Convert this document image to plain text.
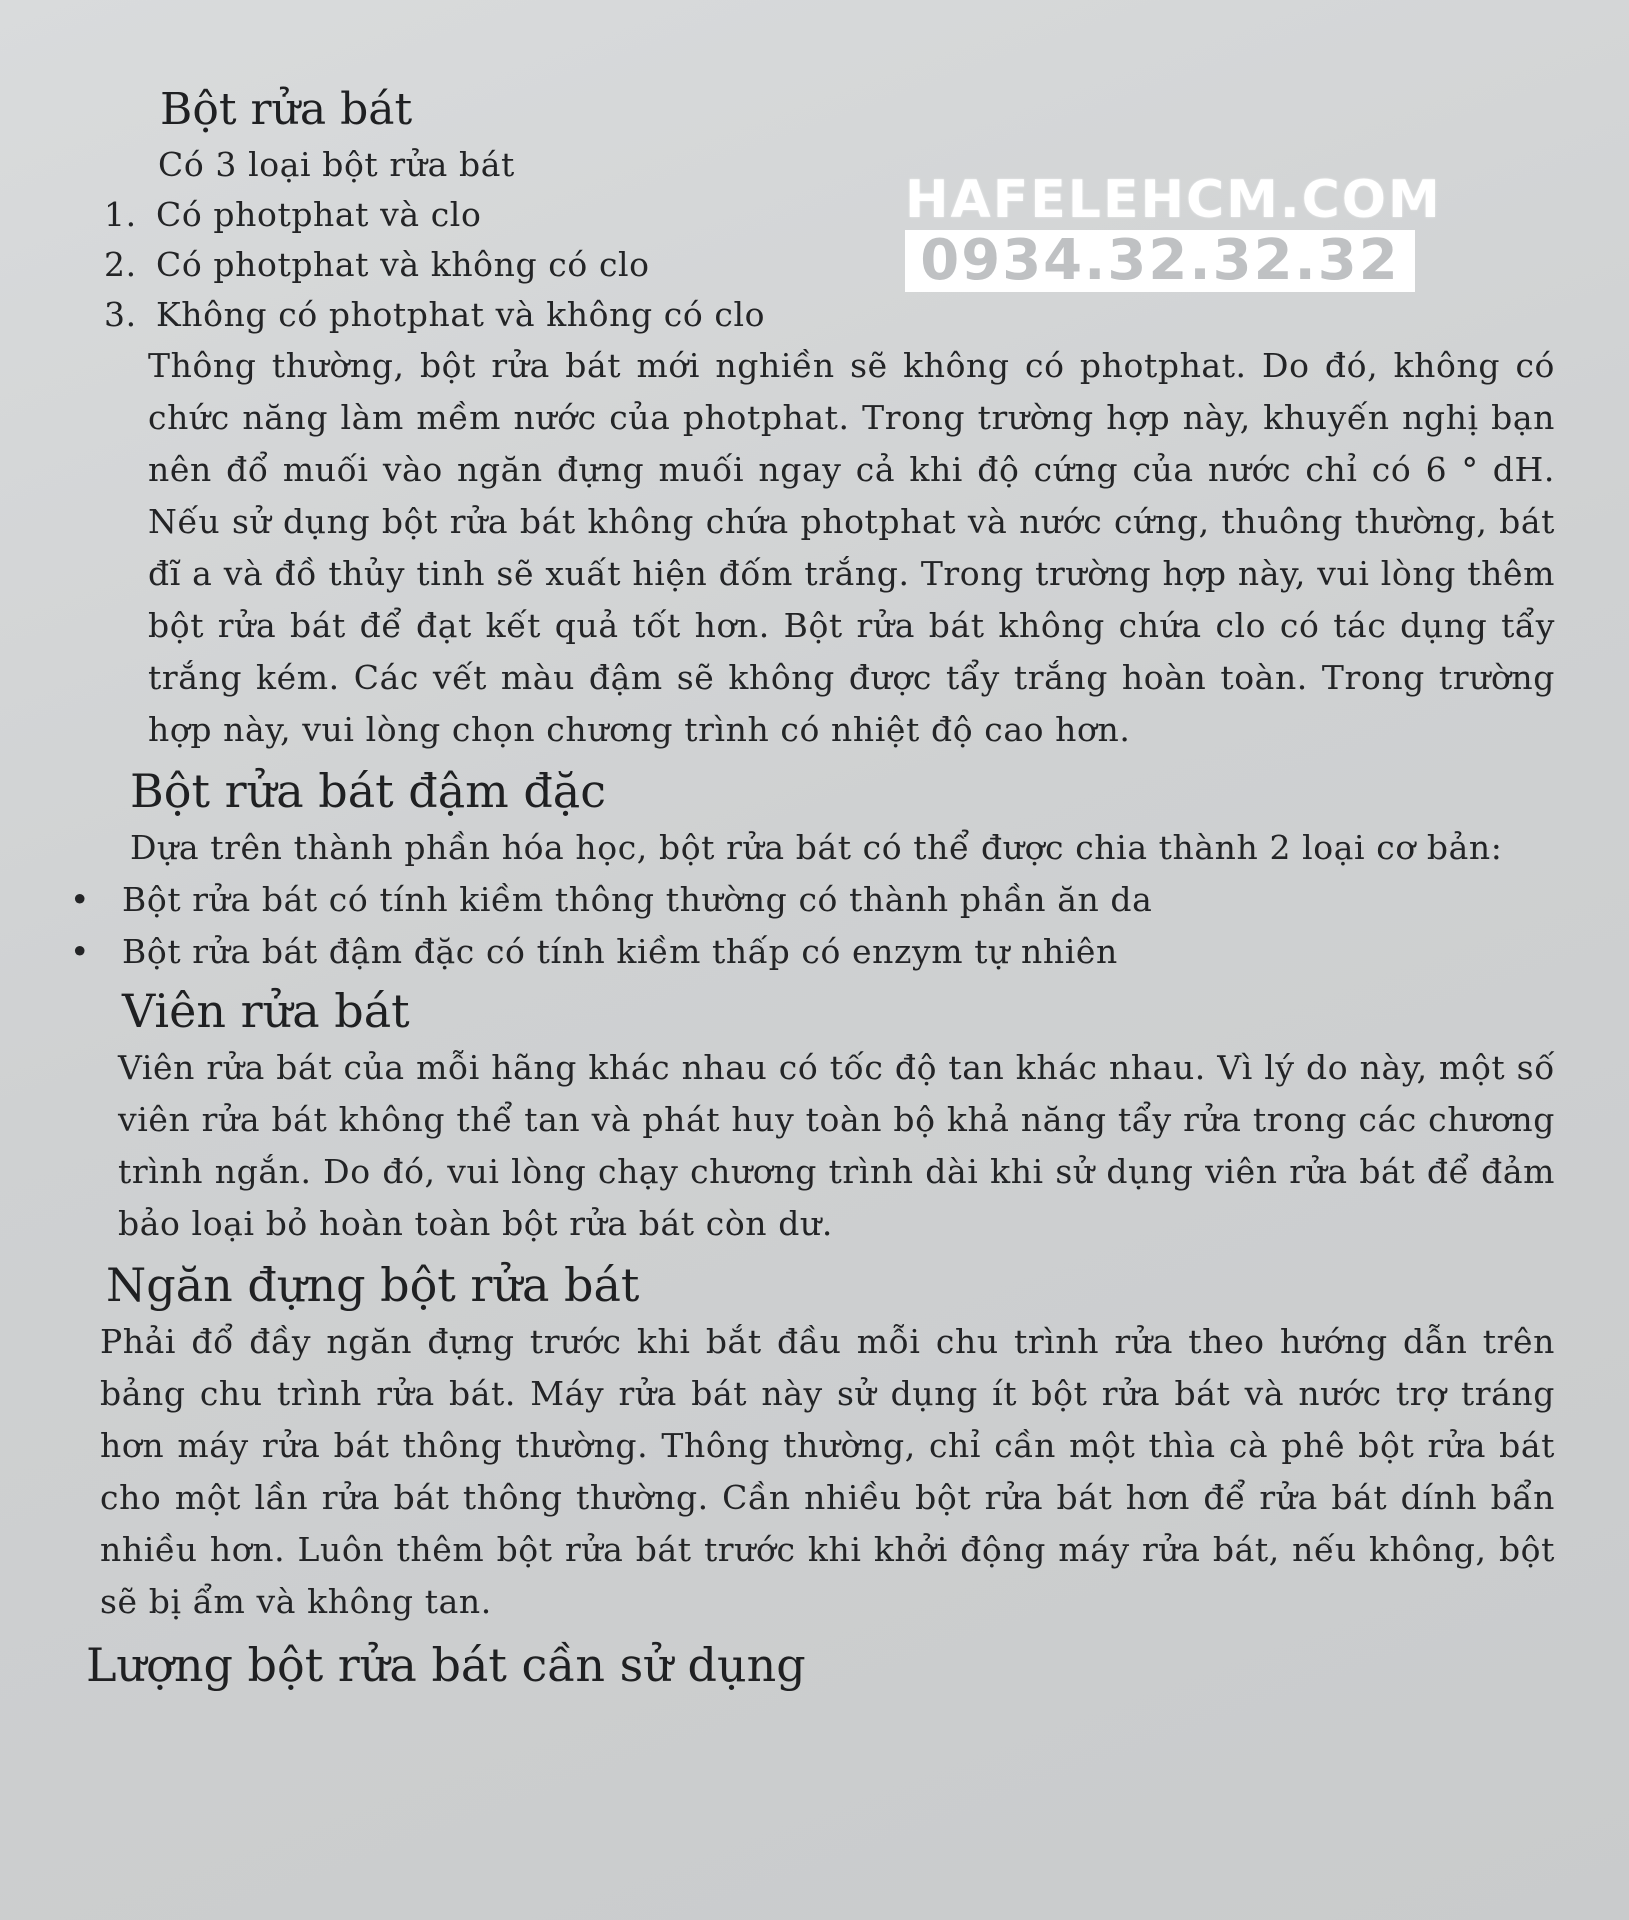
HAFELEHCM.COM
0934.32.32.32
Bột rửa bát

Có 3 loại bột rửa bát

1. Có photphat và clo
2. Có photphat và không có clo
3. Không có photphat và không có clo

Thông thường, bột rửa bát mới nghiền sẽ không có photphat. Do đó, không có chức năng làm mềm nước của photphat. Trong trường hợp này, khuyến nghị bạn nên đổ muối vào ngăn đựng muối ngay cả khi độ cứng của nước chỉ có 6 ° dH. Nếu sử dụng bột rửa bát không chứa photphat và nước cứng, thuông thường, bát đĩ a và đồ thủy tinh sẽ xuất hiện đốm trắng. Trong trường hợp này, vui lòng thêm bột rửa bát để đạt kết quả tốt hơn. Bột rửa bát không chứa clo có tác dụng tẩy trắng kém. Các vết màu đậm sẽ không được tẩy trắng hoàn toàn. Trong trường hợp này, vui lòng chọn chương trình có nhiệt độ cao hơn.

Bột rửa bát đậm đặc

Dựa trên thành phần hóa học, bột rửa bát có thể được chia thành 2 loại cơ bản:

• Bột rửa bát có tính kiềm thông thường có thành phần ăn da
• Bột rửa bát đậm đặc có tính kiềm thấp có enzym tự nhiên
Viên rửa bát

Viên rửa bát của mỗi hãng khác nhau có tốc độ tan khác nhau. Vì lý do này, một số viên rửa bát không thể tan và phát huy toàn bộ khả năng tẩy rửa trong các chương trình ngắn. Do đó, vui lòng chạy chương trình dài khi sử dụng viên rửa bát để đảm bảo loại bỏ hoàn toàn bột rửa bát còn dư.

Ngăn đựng bột rửa bát

Phải đổ đầy ngăn đựng trước khi bắt đầu mỗi chu trình rửa theo hướng dẫn trên bảng chu trình rửa bát. Máy rửa bát này sử dụng ít bột rửa bát và nước trợ tráng hơn máy rửa bát thông thường. Thông thường, chỉ cần một thìa cà phê bột rửa bát cho một lần rửa bát thông thường. Cần nhiều bột rửa bát hơn để rửa bát dính bẩn nhiều hơn. Luôn thêm bột rửa bát trước khi khởi động máy rửa bát, nếu không, bột sẽ bị ẩm và không tan.

Lượng bột rửa bát cần sử dụng
